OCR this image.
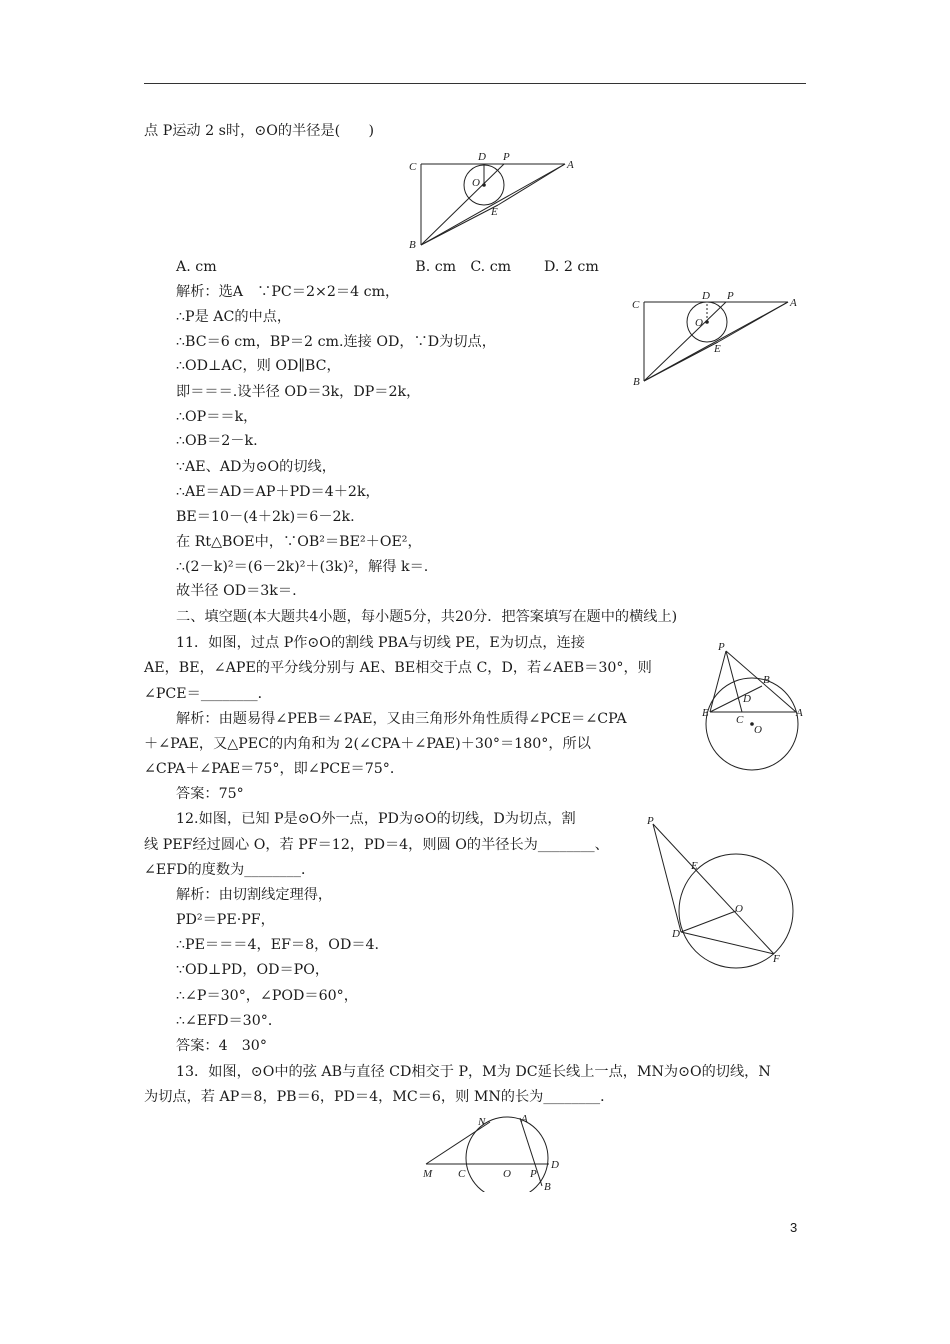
点 P运动 2 s时，⊙O的半径是(　　)
C
D P
A
O
E
B
A. cm　　　　　　　　　　　　　　B. cm　C. cm　　 D. 2 cm
解析：选A　∵PC＝2×2＝4 cm，
∴P是 AC的中点，
∴BC＝6 cm，BP＝2 cm.连接 OD，∵D为切点，
∴OD⊥AC，则 OD∥BC，
即＝＝＝.设半径 OD＝3k，DP＝2k，
∴OP＝＝k，
∴OB＝2－k.
∵AE、AD为⊙O的切线，
∴AE＝AD＝AP＋PD＝4＋2k，
BE＝10－(4＋2k)＝6－2k.
在 Rt△BOE中，∵OB²＝BE²＋OE²，
∴(2－k)²＝(6－2k)²＋(3k)²，解得 k＝.
故半径 OD＝3k＝.
C
D P
A
O
E
B
二、填空题(本大题共4小题，每小题5分，共20分．把答案填写在题中的横线上)
11．如图，过点 P作⊙O的割线 PBA与切线 PE，E为切点，连接
AE，BE，∠APE的平分线分别与 AE、BE相交于点 C，D，若∠AEB＝30°，则
∠PCE＝________．
解析：由题易得∠PEB＝∠PAE，又由三角形外角性质得∠PCE＝∠CPA
＋∠PAE，又△PEC的内角和为 2(∠CPA＋∠PAE)＋30°＝180°，所以
∠CPA＋∠PAE＝75°，即∠PCE＝75°．
答案：75°
P
B
D
E
C
O
A
12.如图，已知 P是⊙O外一点，PD为⊙O的切线，D为切点，割
线 PEF经过圆心 O，若 PF＝12，PD＝4，则圆 O的半径长为________、
∠EFD的度数为________．
解析：由切割线定理得，
PD²＝PE·PF，
∴PE＝＝＝4，EF＝8，OD＝4.
∵OD⊥PD，OD＝PO，
∴∠P＝30°，∠POD＝60°，
∴∠EFD＝30°．
答案：4　30°
P
E
O
D
F
13．如图，⊙O中的弦 AB与直径 CD相交于 P，M为 DC延长线上一点，MN为⊙O的切线，N
为切点，若 AP＝8，PB＝6，PD＝4，MC＝6，则 MN的长为________．
N	A
M C	O P
D
B
3
